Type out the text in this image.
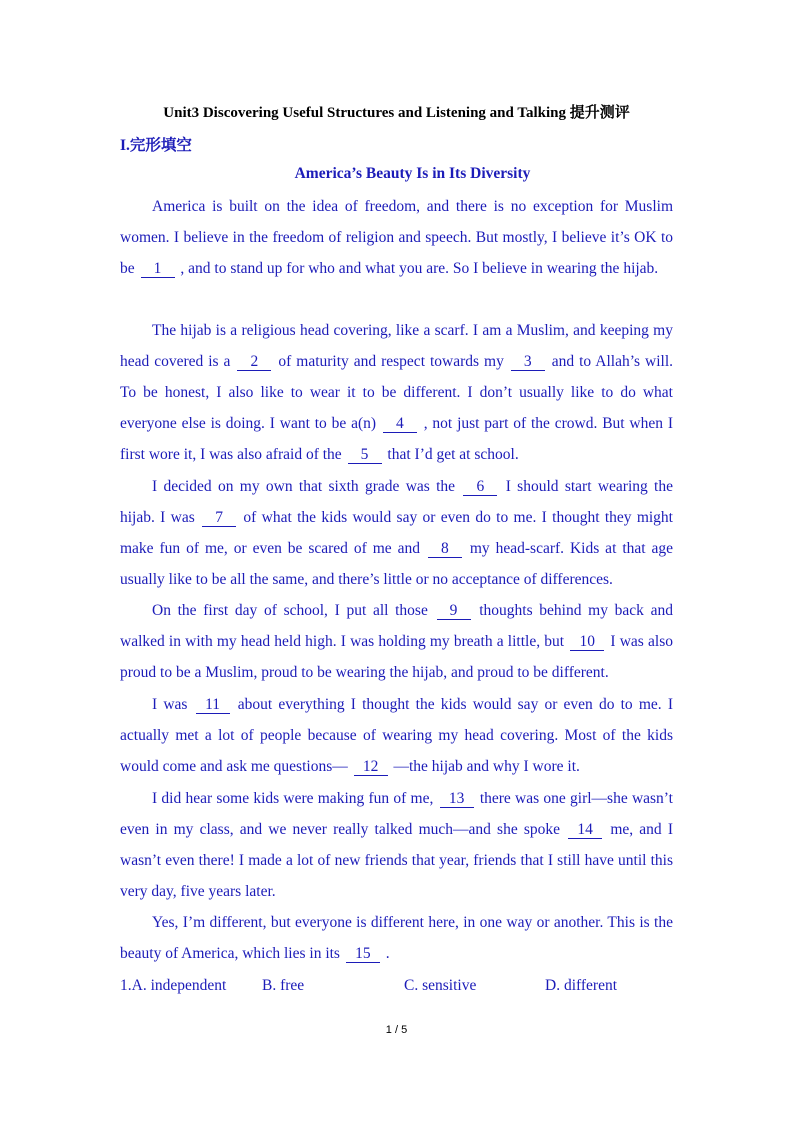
Unit3 Discovering Useful Structures and Listening and Talking 提升测评
I.完形填空
America’s Beauty Is in Its Diversity
America is built on the idea of freedom, and there is no exception for Muslim women. I believe in the freedom of religion and speech. But mostly, I believe it’s OK to be 1 , and to stand up for who and what you are. So I believe in wearing the hijab.
The hijab is a religious head covering, like a scarf. I am a Muslim, and keeping my head covered is a 2 of maturity and respect towards my 3 and to Allah’s will. To be honest, I also like to wear it to be different. I don’t usually like to do what everyone else is doing. I want to be a(n) 4 , not just part of the crowd. But when I first wore it, I was also afraid of the 5 that I’d get at school.
I decided on my own that sixth grade was the 6 I should start wearing the hijab. I was 7 of what the kids would say or even do to me. I thought they might make fun of me, or even be scared of me and 8 my head-scarf. Kids at that age usually like to be all the same, and there’s little or no acceptance of differences.
On the first day of school, I put all those 9 thoughts behind my back and walked in with my head held high. I was holding my breath a little, but 10 I was also proud to be a Muslim, proud to be wearing the hijab, and proud to be different.
I was 11 about everything I thought the kids would say or even do to me. I actually met a lot of people because of wearing my head covering. Most of the kids would come and ask me questions— 12 —the hijab and why I wore it.
I did hear some kids were making fun of me, 13 there was one girl—she wasn’t even in my class, and we never really talked much—and she spoke 14 me, and I wasn’t even there! I made a lot of new friends that year, friends that I still have until this very day, five years later.
Yes, I’m different, but everyone is different here, in one way or another. This is the beauty of America, which lies in its 15 .
1.A. independent B. free	C. sensitive	D. different
1 / 5
